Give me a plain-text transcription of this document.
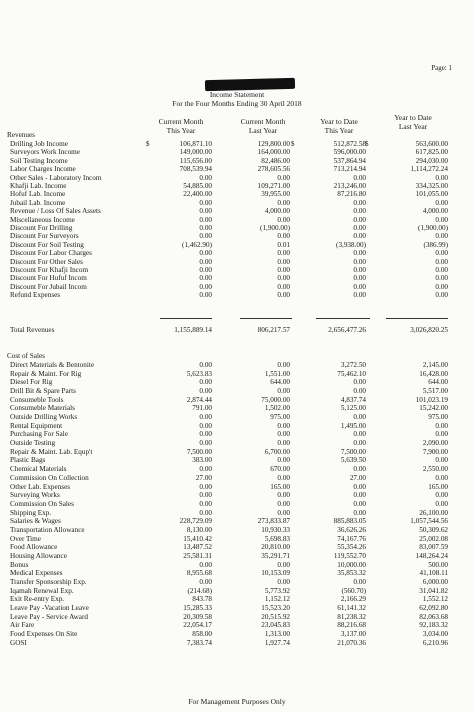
Page: 1
Income Statement
For the Four Months Ending 30 April 2018
Current Month
This Year
Current Month
Last Year
Year to Date
This Year
Year to Date
Last Year
Revenues
Drilling Job Income	106,871.10	129,800.00	512,872.58	563,600.00
$	$	$
Surveyors Work Income	149,000.00	164,000.00	596,000.00	617,825.00
Soil Testing Income	115,656.00	82,486.00	537,864.94	294,030.00
Labor Charges Income	708,539.94	278,605.56	713,214.94	1,114,272.24
Other Sales - Laboratory Incom	0.00	0.00	0.00	0.00
Khafji Lab. Income	54,885.00	109,271.00	213,246.00	334,325.00
Hofuf Lab. Income	22,400.00	39,955.00	87,216.80	101,055.00
Jubail Lab. Income	0.00	0.00	0.00	0.00
Revenue / Loss Of Sales Assets	0.00	4,000.00	0.00	4,000.00
Miscellaneous Income	0.00	0.00	0.00	0.00
Discount For Drilling	0.00	(1,900.00)	0.00	(1,900.00)
Discount For Surveyors	0.00	0.00	0.00	0.00
Discount For Soil Testing	(1,462.90)	0.01	(3,938.00)	(386.99)
Discount For Labor Charges	0.00	0.00	0.00	0.00
Discount For Other Sales	0.00	0.00	0.00	0.00
Discount For Khafji Incom	0.00	0.00	0.00	0.00
Discount For Hufuf Incom	0.00	0.00	0.00	0.00
Discount For Jubail Incom	0.00	0.00	0.00	0.00
Refund Expenses	0.00	0.00	0.00	0.00
Total Revenues	1,155,889.14	806,217.57	2,656,477.26	3,026,820.25
Cost of Sales
Direct Materials & Bentonite	0.00	0.00	3,272.50	2,145.00
Repair & Maint. For Rig	5,623.83	1,551.00	75,462.10	16,428.00
Diesel For Rig	0.00	644.00	0.00	644.00
Drill Bit & Spare Parts	0.00	0.00	0.00	5,517.00
Consumeble Tools	2,874.44	75,000.00	4,837.74	101,023.19
Consumeble Materials	791.00	1,502.00	5,125.00	15,242.00
Outside Drilling Works	0.00	975.00	0.00	975.00
Rental Equipment	0.00	0.00	1,495.00	0.00
Purchasing For Sale	0.00	0.00	0.00	0.00
Outside Testing	0.00	0.00	0.00	2,090.00
Repair & Maint. Lab. Equp't	7,500.00	6,700.00	7,500.00	7,900.00
Plastic Bags	383.00	0.00	5,639.50	0.00
Chemical Materials	0.00	670.00	0.00	2,550.00
Commission On Collection	27.00	0.00	27.00	0.00
Other Lab. Expenses	0.00	165.00	0.00	165.00
Surveying Works	0.00	0.00	0.00	0.00
Commission On Sales	0.00	0.00	0.00	0.00
Shipping Exp.	0.00	0.00	0.00	26,100.00
Salaries & Wages	228,729.09	273,833.87	885,883.05	1,057,544.56
Transportation Allowance	8,130.00	10,930.33	36,626.26	50,309.62
Over Time	15,410.42	5,698.83	74,167.76	25,002.08
Food Allowance	13,487.52	20,810.00	55,354.26	83,007.59
Housing Allowance	25,581.31	35,291.71	119,552.70	148,264.24
Bonus	0.00	0.00	10,000.00	500.00
Medical Expenses	8,955.68	10,153.09	35,853.32	41,108.11
Transfer Sponsorship Exp.	0.00	0.00	0.00	6,000.00
Iqamah Renewal Exp.	(214.68)	5,773.92	(560.70)	31,041.82
Exit Re-entry Exp.	843.78	1,152.12	2,166.29	1,552.12
Leave Pay -Vacation Leave	15,285.33	15,523.20	61,141.32	62,092.80
Leave Pay - Service Award	20,309.58	20,515.92	81,238.32	82,063.68
Air Fare	22,054.17	23,045.83	88,216.68	92,183.32
Food Expenses On Site	858.00	1,313.00	3,137.00	3,034.00
GOSI	7,383.74	1,927.74	21,070.36	6,210.96
For Management Purposes Only
